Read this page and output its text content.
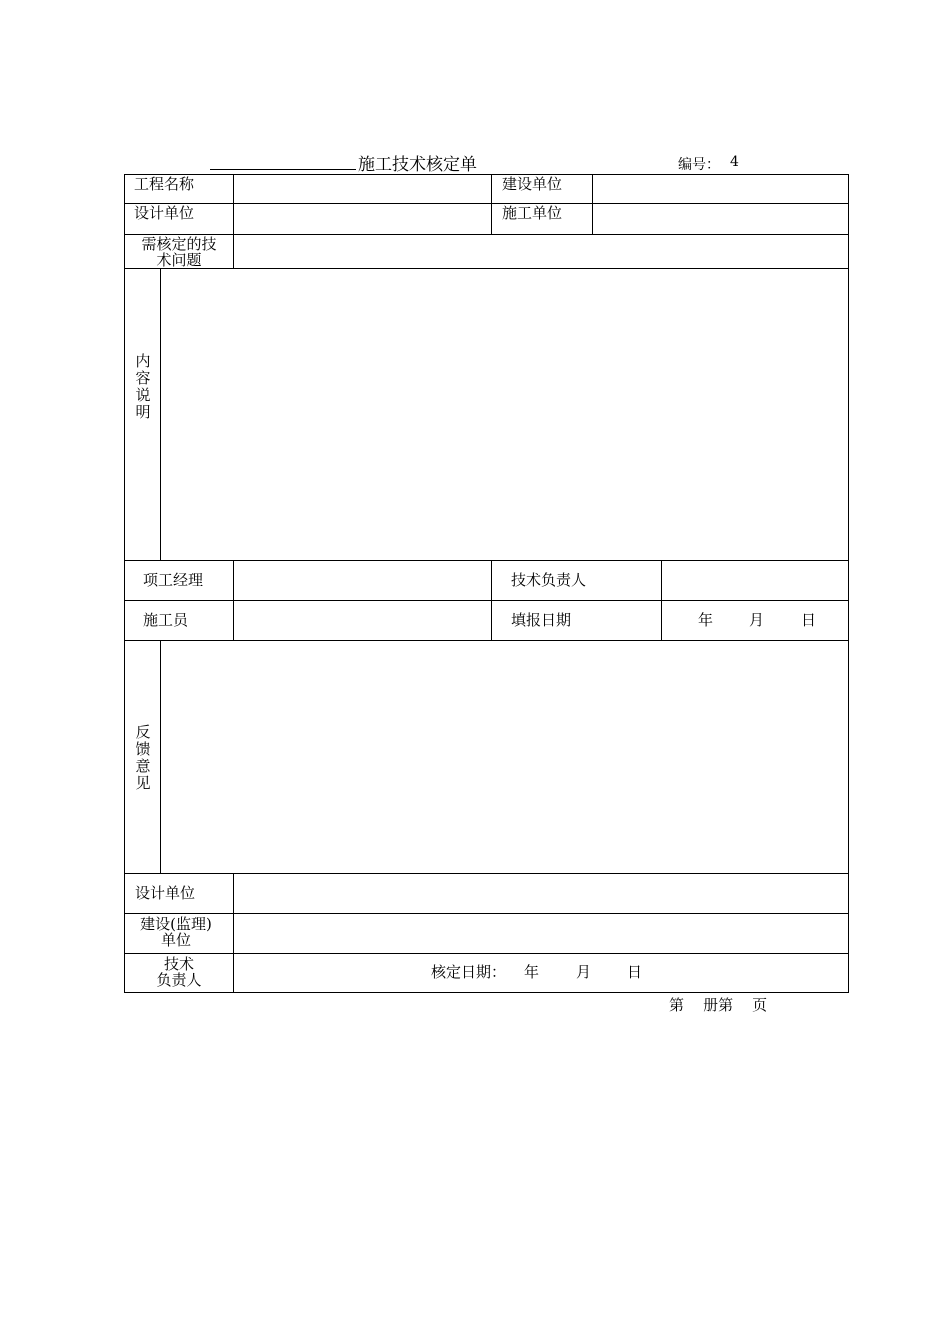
施工技术核定单	编号： 4
工程名称	建设单位
设计单位	施工单位
需核定的技
术问题
内容说明
项工经理	技术负责人
施工员	填报日期	年 月 日
反馈意见
设计单位
建设(监理)
单位
技术
负责人	核定日期： 年 月 日
第    册第    页
